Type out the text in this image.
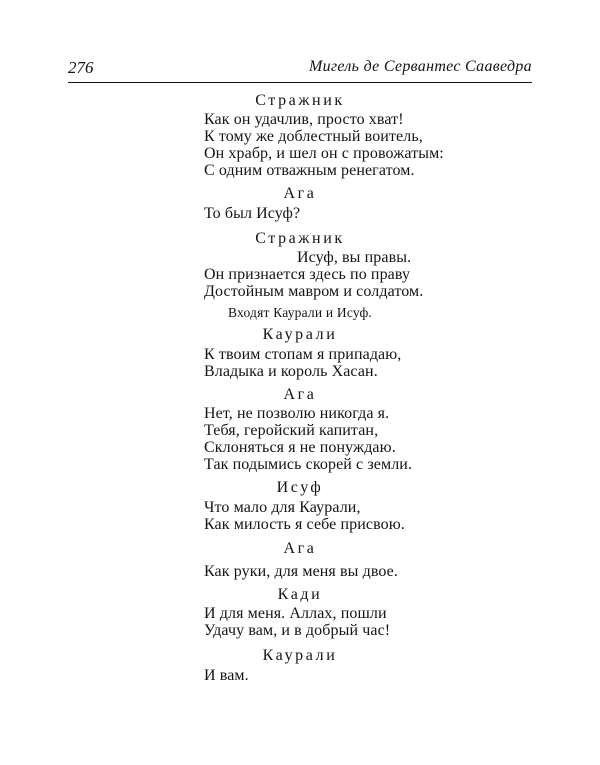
276	Мигель де Сервантес Сааведра
Стражник
Как он удачлив, просто хват!
К тому же доблестный воитель,
Он храбр, и шел он с провожатым:
С одним отважным ренегатом.
Ага
То был Исуф?
Стражник
Исуф, вы правы.
Он признается здесь по праву
Достойным мавром и солдатом.
Входят Каурали и Исуф.
Каурали
К твоим стопам я припадаю,
Владыка и король Хасан.
Ага
Нет, не позволю никогда я.
Тебя, геройский капитан,
Склоняться я не понуждаю.
Так подымись скорей с земли.
Исуф
Что мало для Каурали,
Как милость я себе присвою.
Ага
Как руки, для меня вы двое.
Кади
И для меня. Аллах, пошли
Удачу вам, и в добрый час!
Каурали
И вам.
